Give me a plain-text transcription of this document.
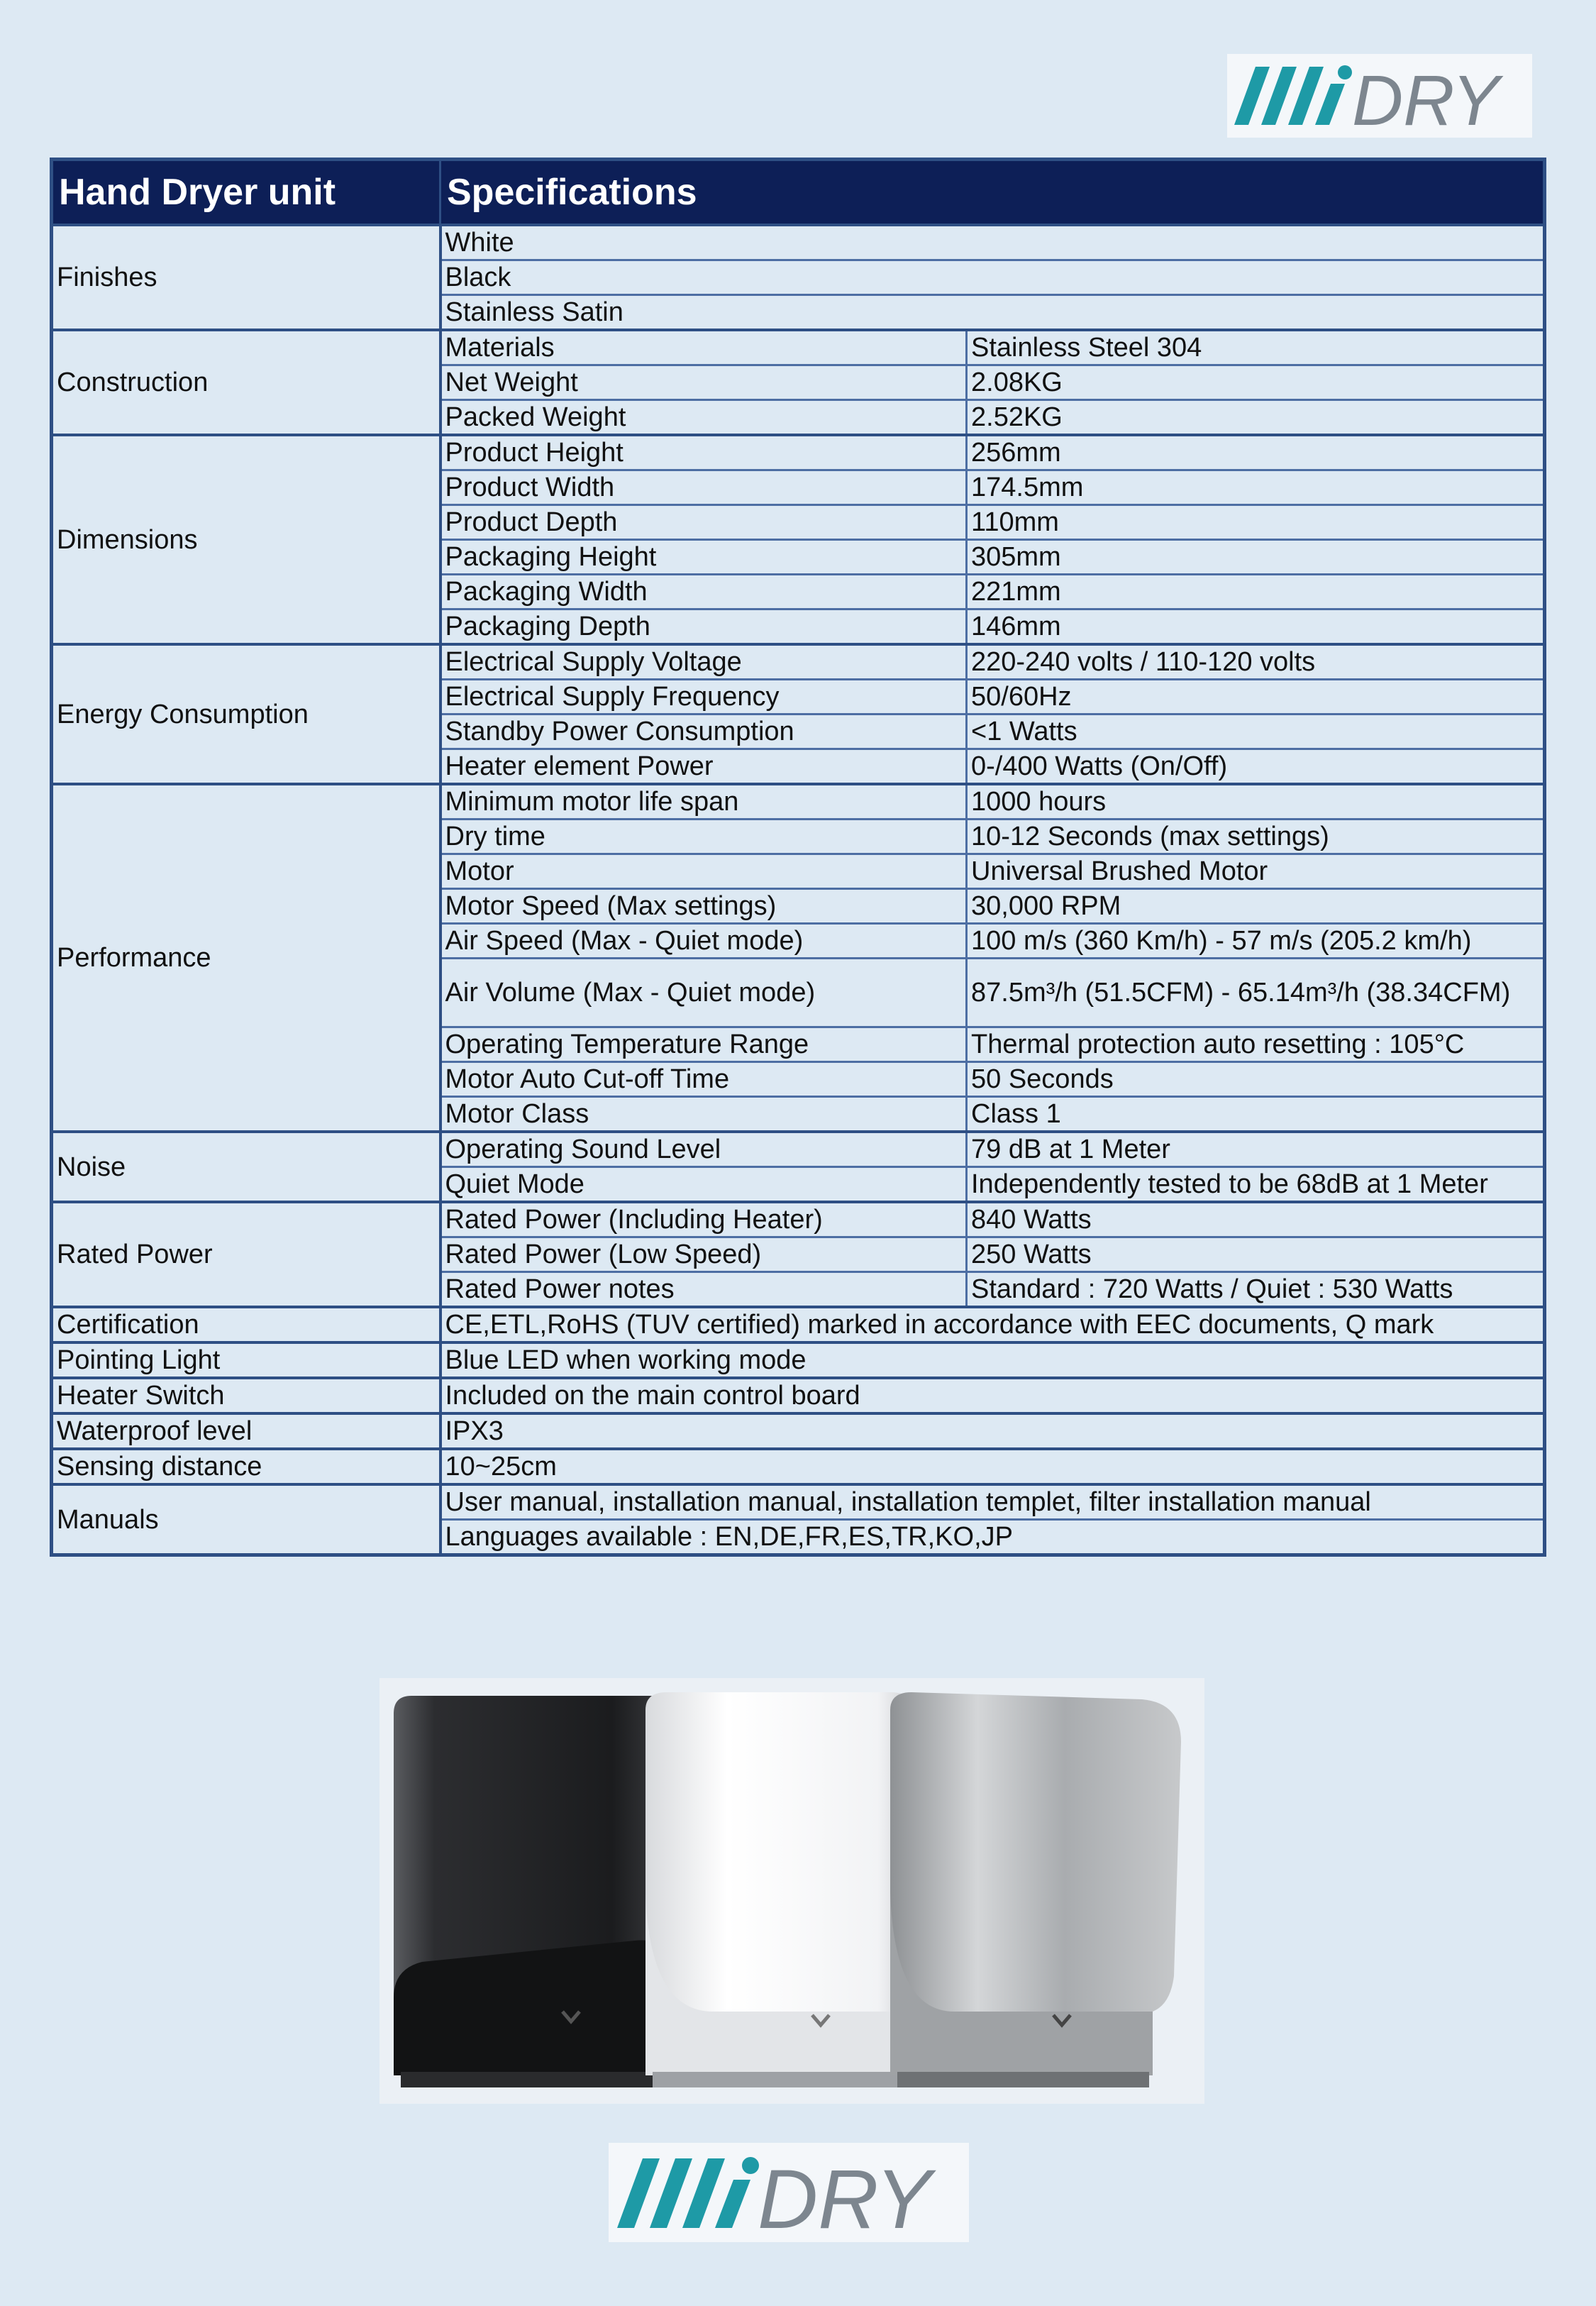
DRY
Hand Dryer unit	Specifications	
Finishes	White	
	Black	
	Stainless Satin	
Construction	Materials	Stainless Steel 304
	Net Weight	2.08KG
	Packed Weight	2.52KG
Dimensions	Product Height	256mm
	Product Width	174.5mm
	Product Depth	110mm
	Packaging Height	305mm
	Packaging Width	221mm
	Packaging Depth	146mm
Energy Consumption	Electrical Supply Voltage	220-240 volts / 110-120 volts
	Electrical Supply Frequency	50/60Hz
	Standby Power Consumption	<1 Watts
	Heater element Power	0-/400 Watts (On/Off)
Performance	Minimum motor life span	1000 hours
	Dry time	10-12 Seconds (max settings)
	Motor	Universal Brushed Motor
	Motor Speed (Max settings)	30,000 RPM
	Air Speed (Max - Quiet mode)	100 m/s (360 Km/h) - 57 m/s (205.2 km/h)
	Air Volume (Max - Quiet mode)	87.5m³/h (51.5CFM) - 65.14m³/h (38.34CFM)
	Operating Temperature Range	Thermal protection auto resetting : 105°C
	Motor Auto Cut-off Time	50 Seconds
	Motor Class	Class 1
Noise	Operating Sound Level	79 dB at 1 Meter
	Quiet Mode	Independently tested to be 68dB at 1 Meter
Rated Power	Rated Power (Including Heater)	840 Watts
	Rated Power (Low Speed)	250 Watts
	Rated Power notes	Standard : 720 Watts / Quiet : 530 Watts
Certification	CE,ETL,RoHS (TUV certified) marked in accordance with EEC documents, Q mark	
Pointing Light	Blue LED when working mode	
Heater Switch	Included on the main control board	
Waterproof level	IPX3	
Sensing distance	10~25cm	
Manuals	User manual, installation manual, installation templet, filter installation manual	
	Languages available : EN,DE,FR,ES,TR,KO,JP	
DRY
